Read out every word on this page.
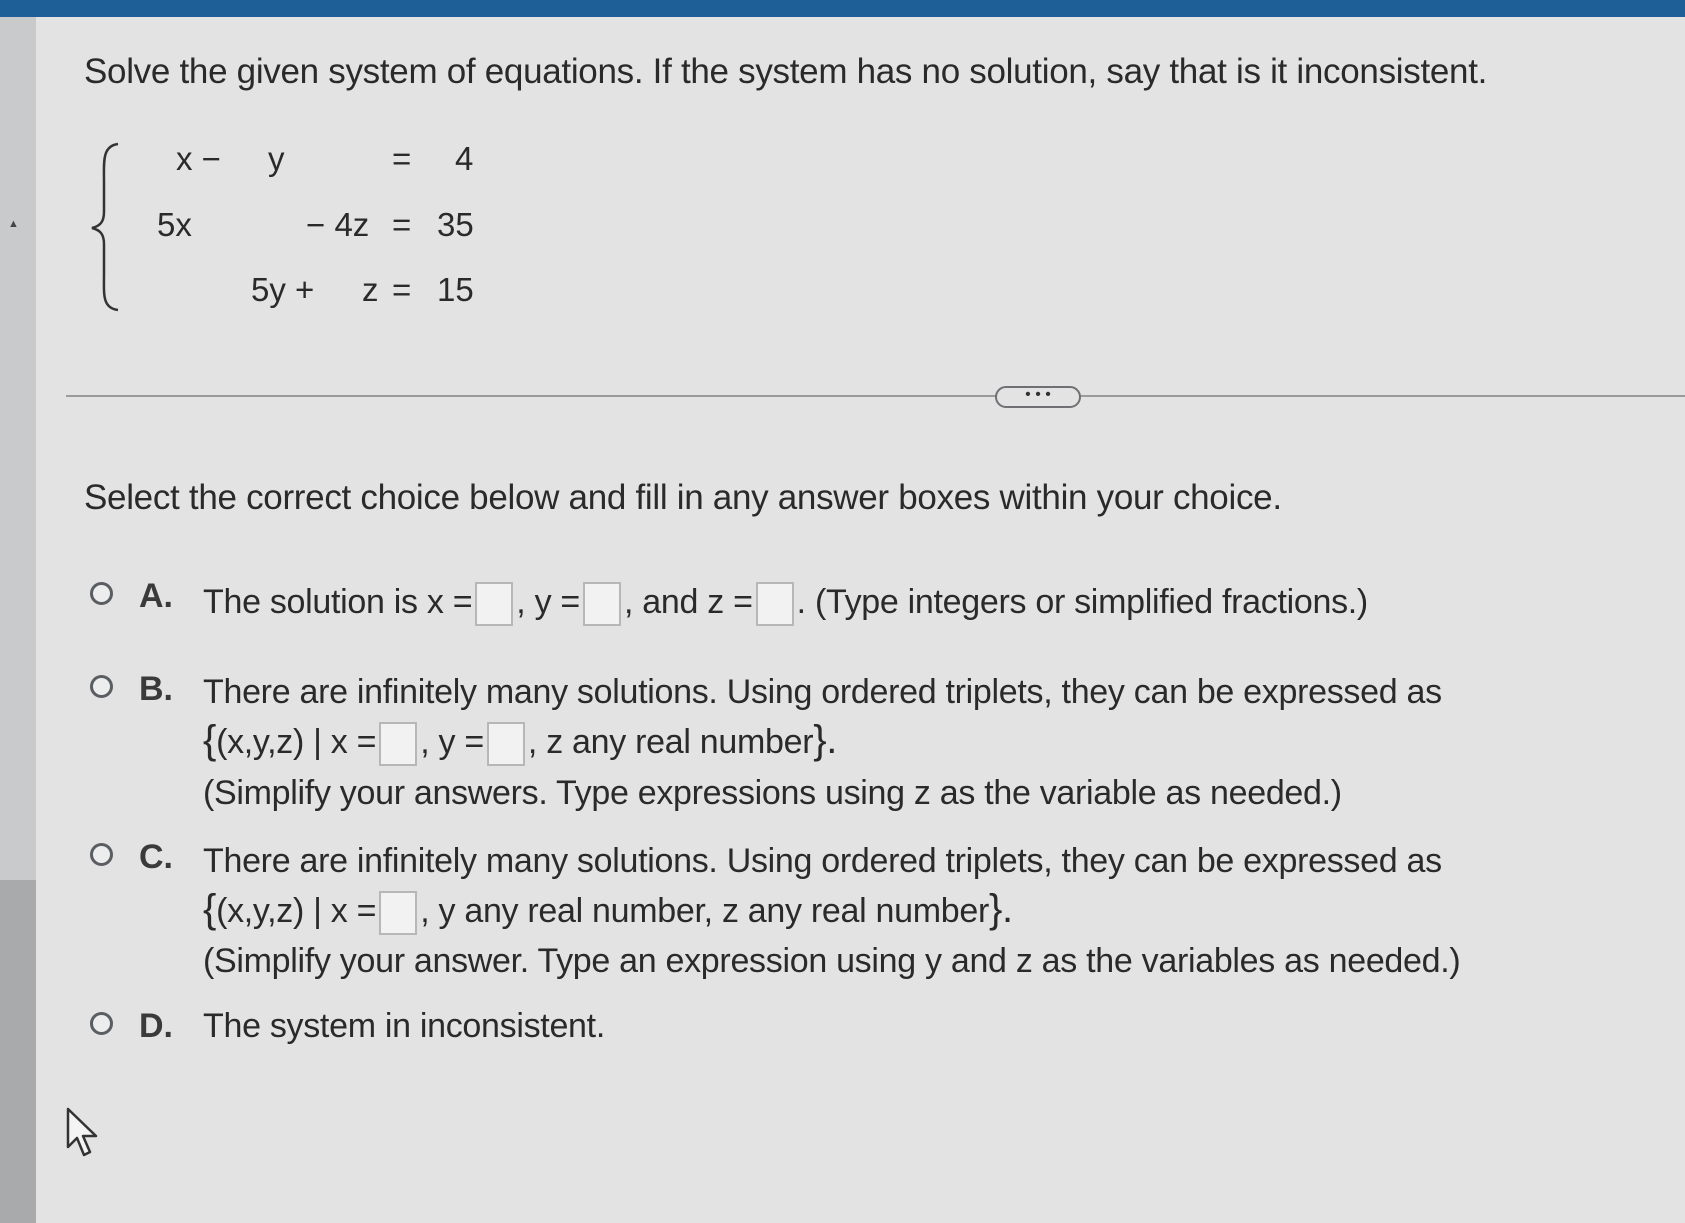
▲
Solve the given system of equations. If the system has no solution, say that is it inconsistent.
x − y	= 4
5x	− 4z = 35
5y + z = 15
• • •
Select the correct choice below and fill in any answer boxes within your choice.
A. The solution is x = , y = , and z = . (Type integers or simplified fractions.)
B. There are infinitely many solutions. Using ordered triplets, they can be expressed as
{(x,y,z) | x = , y = , z any real number}.
(Simplify your answers. Type expressions using z as the variable as needed.)
C. There are infinitely many solutions. Using ordered triplets, they can be expressed as
{(x,y,z) | x = , y any real number, z any real number}.
(Simplify your answer. Type an expression using y and z as the variables as needed.)
D. The system in inconsistent.
